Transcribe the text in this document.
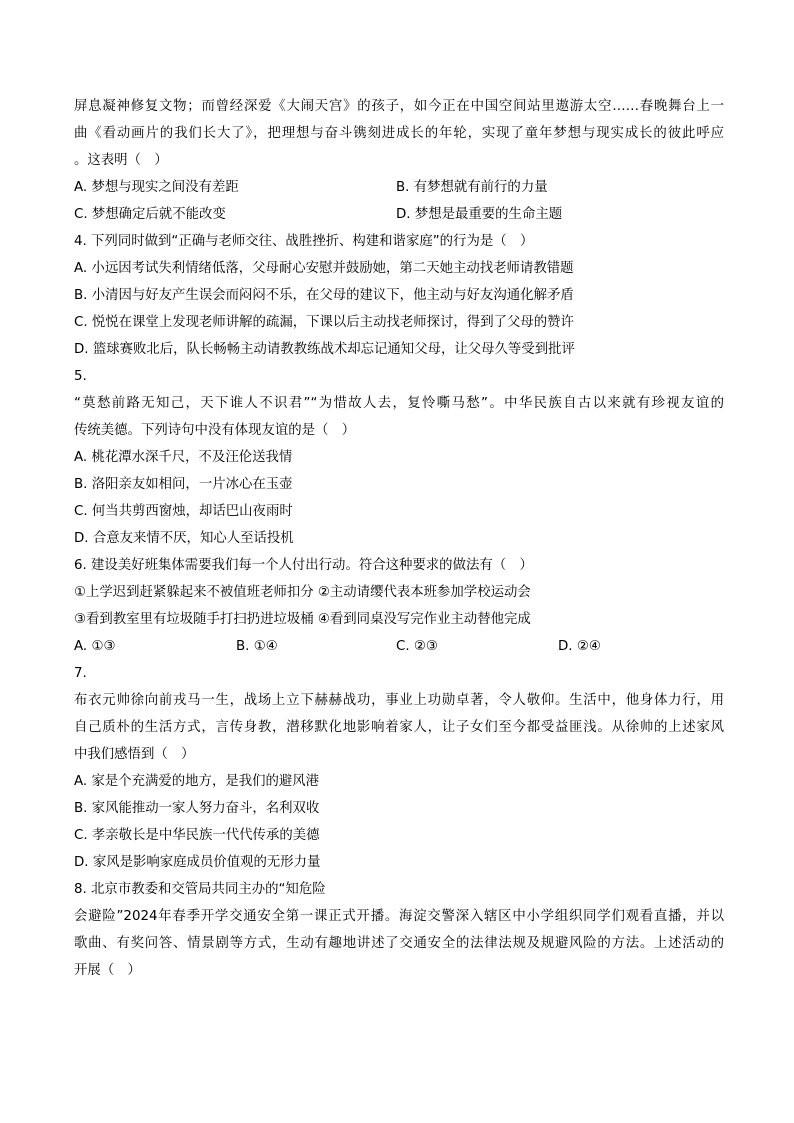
屏息凝神修复文物；而曾经深爱《大闹天宫》的孩子，如今正在中国空间站里遨游太空……春晚舞台上一
曲《看动画片的我们长大了》，把理想与奋斗镌刻进成长的年轮，实现了童年梦想与现实成长的彼此呼应
。这表明（　）
A. 梦想与现实之间没有差距	B. 有梦想就有前行的力量
C. 梦想确定后就不能改变	D. 梦想是最重要的生命主题
4. 下列同时做到“正确与老师交往、战胜挫折、构建和谐家庭”的行为是（　）
A. 小远因考试失利情绪低落，父母耐心安慰并鼓励她，第二天她主动找老师请教错题
B. 小清因与好友产生误会而闷闷不乐，在父母的建议下，他主动与好友沟通化解矛盾
C. 悦悦在课堂上发现老师讲解的疏漏，下课以后主动找老师探讨，得到了父母的赞许
D. 篮球赛败北后，队长畅畅主动请教教练战术却忘记通知父母，让父母久等受到批评
5.
“莫愁前路无知己，天下谁人不识君”“为惜故人去，复怜嘶马愁”。中华民族自古以来就有珍视友谊的
传统美德。下列诗句中没有体现友谊的是（　）
A. 桃花潭水深千尺，不及汪伦送我情
B. 洛阳亲友如相问，一片冰心在玉壶
C. 何当共剪西窗烛，却话巴山夜雨时
D. 合意友来情不厌，知心人至话投机
6. 建设美好班集体需要我们每一个人付出行动。符合这种要求的做法有（　）
①上学迟到赶紧躲起来不被值班老师扣分 ②主动请缨代表本班参加学校运动会
③看到教室里有垃圾随手打扫扔进垃圾桶 ④看到同桌没写完作业主动替他完成
A. ①③	B. ①④	C. ②③	D. ②④
7.
布衣元帅徐向前戎马一生，战场上立下赫赫战功，事业上功勋卓著，令人敬仰。生活中，他身体力行，用
自己质朴的生活方式，言传身教，潜移默化地影响着家人，让子女们至今都受益匪浅。从徐帅的上述家风
中我们感悟到（　）
A. 家是个充满爱的地方，是我们的避风港
B. 家风能推动一家人努力奋斗，名利双收
C. 孝亲敬长是中华民族一代代传承的美德
D. 家风是影响家庭成员价值观的无形力量
8. 北京市教委和交管局共同主办的“知危险
会避险”2024年春季开学交通安全第一课正式开播。海淀交警深入辖区中小学组织同学们观看直播，并以
歌曲、有奖问答、情景剧等方式，生动有趣地讲述了交通安全的法律法规及规避风险的方法。上述活动的
开展（　）
